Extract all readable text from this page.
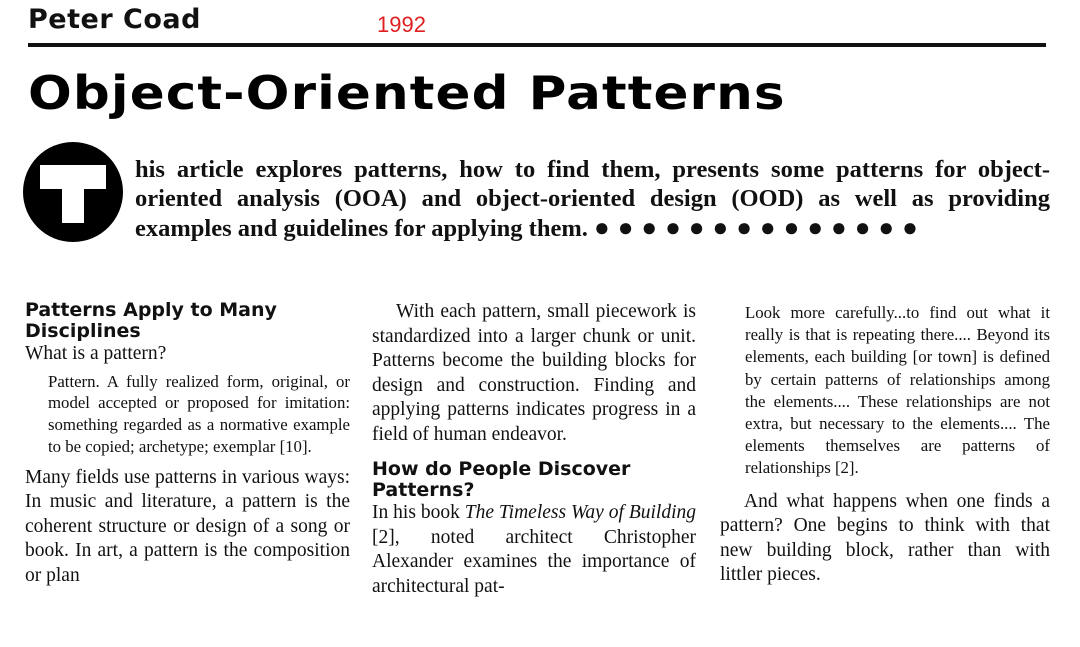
Peter Coad	1992
Object-Oriented Patterns
his article explores patterns, how to find them, presents some patterns for object-oriented analysis (OOA) and object-oriented design (OOD) as well as providing examples and guidelines for applying them. ●●●●●●●●●●●●●●
Patterns Apply to Many Disciplines

What is a pattern?

Pattern. A fully realized form, original, or model accepted or proposed for imitation: something regarded as a normative example to be copied; archetype; exemplar [10].

Many fields use patterns in various ways: In music and literature, a pattern is the coherent structure or design of a song or book. In art, a pattern is the composition or plan

With each pattern, small piecework is standardized into a larger chunk or unit. Patterns become the building blocks for design and construction. Finding and applying patterns indicates progress in a field of human endeavor.

How do People Discover Patterns?

In his book The Timeless Way of Building [2], noted architect Christopher Alexander examines the importance of architectural pat-

Look more carefully...to find out what it really is that is repeating there.... Beyond its elements, each building [or town] is defined by certain patterns of relationships among the elements.... These relationships are not extra, but necessary to the elements.... The elements themselves are patterns of relationships [2].

And what happens when one finds a pattern? One begins to think with that new building block, rather than with littler pieces.
